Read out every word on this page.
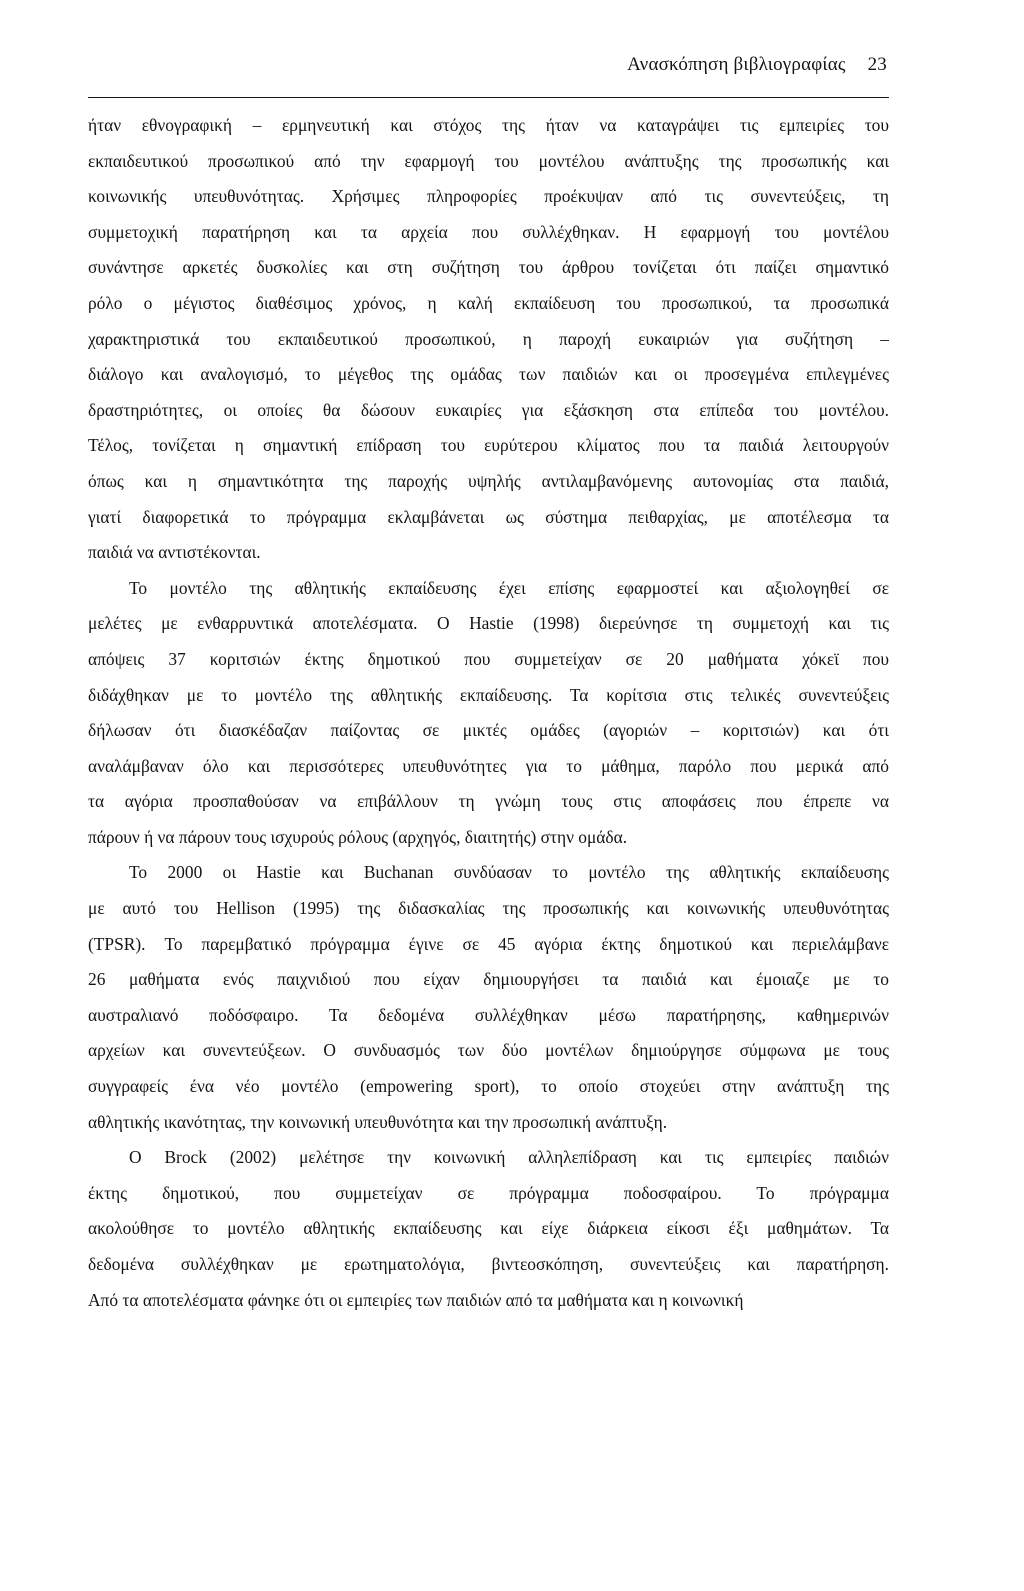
Ανασκόπηση βιβλιογραφίας 23
ήταν εθνογραφική – ερμηνευτική και στόχος της ήταν να καταγράψει τις εμπειρίες του
εκπαιδευτικού προσωπικού από την εφαρμογή του μοντέλου ανάπτυξης της προσωπικής και
κοινωνικής υπευθυνότητας. Χρήσιμες πληροφορίες προέκυψαν από τις συνεντεύξεις, τη
συμμετοχική παρατήρηση και τα αρχεία που συλλέχθηκαν. Η εφαρμογή του μοντέλου
συνάντησε αρκετές δυσκολίες και στη συζήτηση του άρθρου τονίζεται ότι παίζει σημαντικό
ρόλο ο μέγιστος διαθέσιμος χρόνος, η καλή εκπαίδευση του προσωπικού, τα προσωπικά
χαρακτηριστικά του εκπαιδευτικού προσωπικού, η παροχή ευκαιριών για συζήτηση –
διάλογο και αναλογισμό, το μέγεθος της ομάδας των παιδιών και οι προσεγμένα επιλεγμένες
δραστηριότητες, οι οποίες θα δώσουν ευκαιρίες για εξάσκηση στα επίπεδα του μοντέλου.
Τέλος, τονίζεται η σημαντική επίδραση του ευρύτερου κλίματος που τα παιδιά λειτουργούν
όπως και η σημαντικότητα της παροχής υψηλής αντιλαμβανόμενης αυτονομίας στα παιδιά,
γιατί διαφορετικά το πρόγραμμα εκλαμβάνεται ως σύστημα πειθαρχίας, με αποτέλεσμα τα
παιδιά να αντιστέκονται.
Το μοντέλο της αθλητικής εκπαίδευσης έχει επίσης εφαρμοστεί και αξιολογηθεί σε
μελέτες με ενθαρρυντικά αποτελέσματα. Ο Hastie (1998) διερεύνησε τη συμμετοχή και τις
απόψεις 37 κοριτσιών έκτης δημοτικού που συμμετείχαν σε 20 μαθήματα χόκεϊ που
διδάχθηκαν με το μοντέλο της αθλητικής εκπαίδευσης. Τα κορίτσια στις τελικές συνεντεύξεις
δήλωσαν ότι διασκέδαζαν παίζοντας σε μικτές ομάδες (αγοριών – κοριτσιών) και ότι
αναλάμβαναν όλο και περισσότερες υπευθυνότητες για το μάθημα, παρόλο που μερικά από
τα αγόρια προσπαθούσαν να επιβάλλουν τη γνώμη τους στις αποφάσεις που έπρεπε να
πάρουν ή να πάρουν τους ισχυρούς ρόλους (αρχηγός, διαιτητής) στην ομάδα.
Το 2000 οι Hastie και Buchanan συνδύασαν το μοντέλο της αθλητικής εκπαίδευσης
με αυτό του Hellison (1995) της διδασκαλίας της προσωπικής και κοινωνικής υπευθυνότητας
(TPSR). Το παρεμβατικό πρόγραμμα έγινε σε 45 αγόρια έκτης δημοτικού και περιελάμβανε
26 μαθήματα ενός παιχνιδιού που είχαν δημιουργήσει τα παιδιά και έμοιαζε με το
αυστραλιανό ποδόσφαιρο. Τα δεδομένα συλλέχθηκαν μέσω παρατήρησης, καθημερινών
αρχείων και συνεντεύξεων. Ο συνδυασμός των δύο μοντέλων δημιούργησε σύμφωνα με τους
συγγραφείς ένα νέο μοντέλο (empowering sport), το οποίο στοχεύει στην ανάπτυξη της
αθλητικής ικανότητας, την κοινωνική υπευθυνότητα και την προσωπική ανάπτυξη.
Ο Brock (2002) μελέτησε την κοινωνική αλληλεπίδραση και τις εμπειρίες παιδιών
έκτης δημοτικού, που συμμετείχαν σε πρόγραμμα ποδοσφαίρου. Το πρόγραμμα
ακολούθησε το μοντέλο αθλητικής εκπαίδευσης και είχε διάρκεια είκοσι έξι μαθημάτων. Τα
δεδομένα συλλέχθηκαν με ερωτηματολόγια, βιντεοσκόπηση, συνεντεύξεις και παρατήρηση.
Από τα αποτελέσματα φάνηκε ότι οι εμπειρίες των παιδιών από τα μαθήματα και η κοινωνική
